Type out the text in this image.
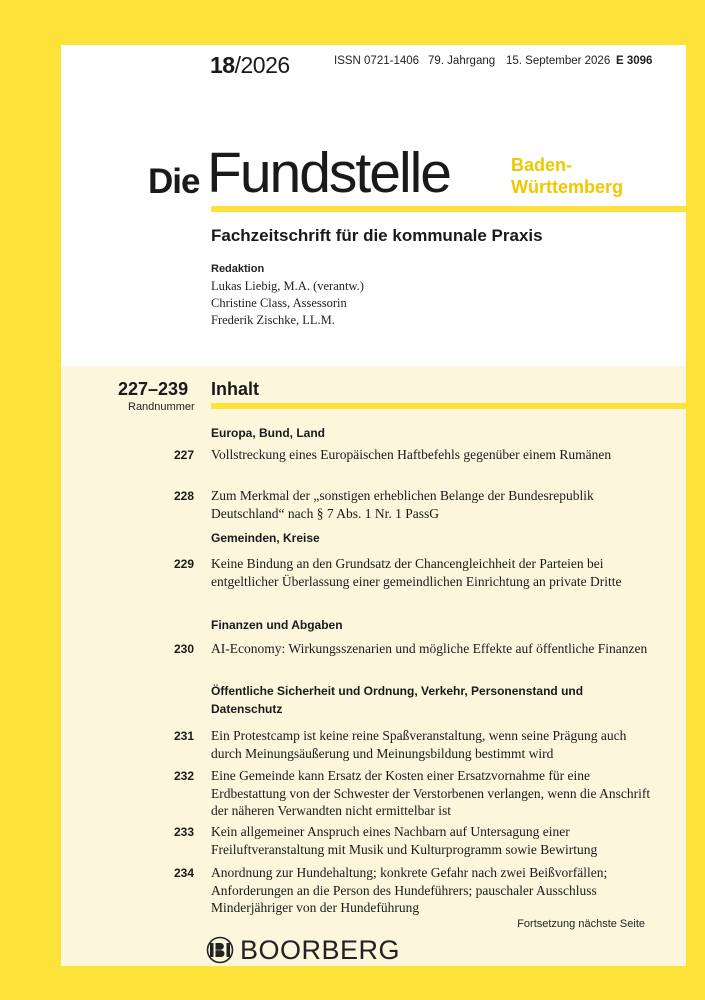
18/2026	ISSN 0721-1406 79. Jahrgang 15. September 2026 E 3096
Die Fundstelle	Baden-
Württemberg
Fachzeitschrift für die kommunale Praxis
Redaktion
Lukas Liebig, M.A. (verantw.)
Christine Class, Assessorin
Frederik Zischke, LL.M.
227–239 Inhalt
Randnummer
Europa, Bund, Land
227 Vollstreckung eines Europäischen Haftbefehls gegenüber einem Rumänen
228 Zum Merkmal der „sonstigen erheblichen Belange der Bundesrepublik Deutschland“ nach § 7 Abs. 1 Nr. 1 PassG
Gemeinden, Kreise
229 Keine Bindung an den Grundsatz der Chancengleichheit der Parteien bei entgeltlicher Überlassung einer gemeindlichen Einrichtung an private Dritte
Finanzen und Abgaben
230 AI-Economy: Wirkungsszenarien und mögliche Effekte auf öffentliche Finanzen
Öffentliche Sicherheit und Ordnung, Verkehr, Personenstand und Datenschutz
231 Ein Protestcamp ist keine reine Spaßveranstaltung, wenn seine Prägung auch durch Meinungsäußerung und Meinungsbildung bestimmt wird
232 Eine Gemeinde kann Ersatz der Kosten einer Ersatzvornahme für eine Erdbestattung von der Schwester der Verstorbenen verlangen, wenn die Anschrift der näheren Verwandten nicht ermittelbar ist
233 Kein allgemeiner Anspruch eines Nachbarn auf Untersagung einer Freiluftveranstaltung mit Musik und Kulturprogramm sowie Bewirtung
234 Anordnung zur Hundehaltung; konkrete Gefahr nach zwei Beißvorfällen; Anforderungen an die Person des Hundeführers; pauschaler Ausschluss Minderjähriger von der Hundeführung
Fortsetzung nächste Seite
BOORBERG
